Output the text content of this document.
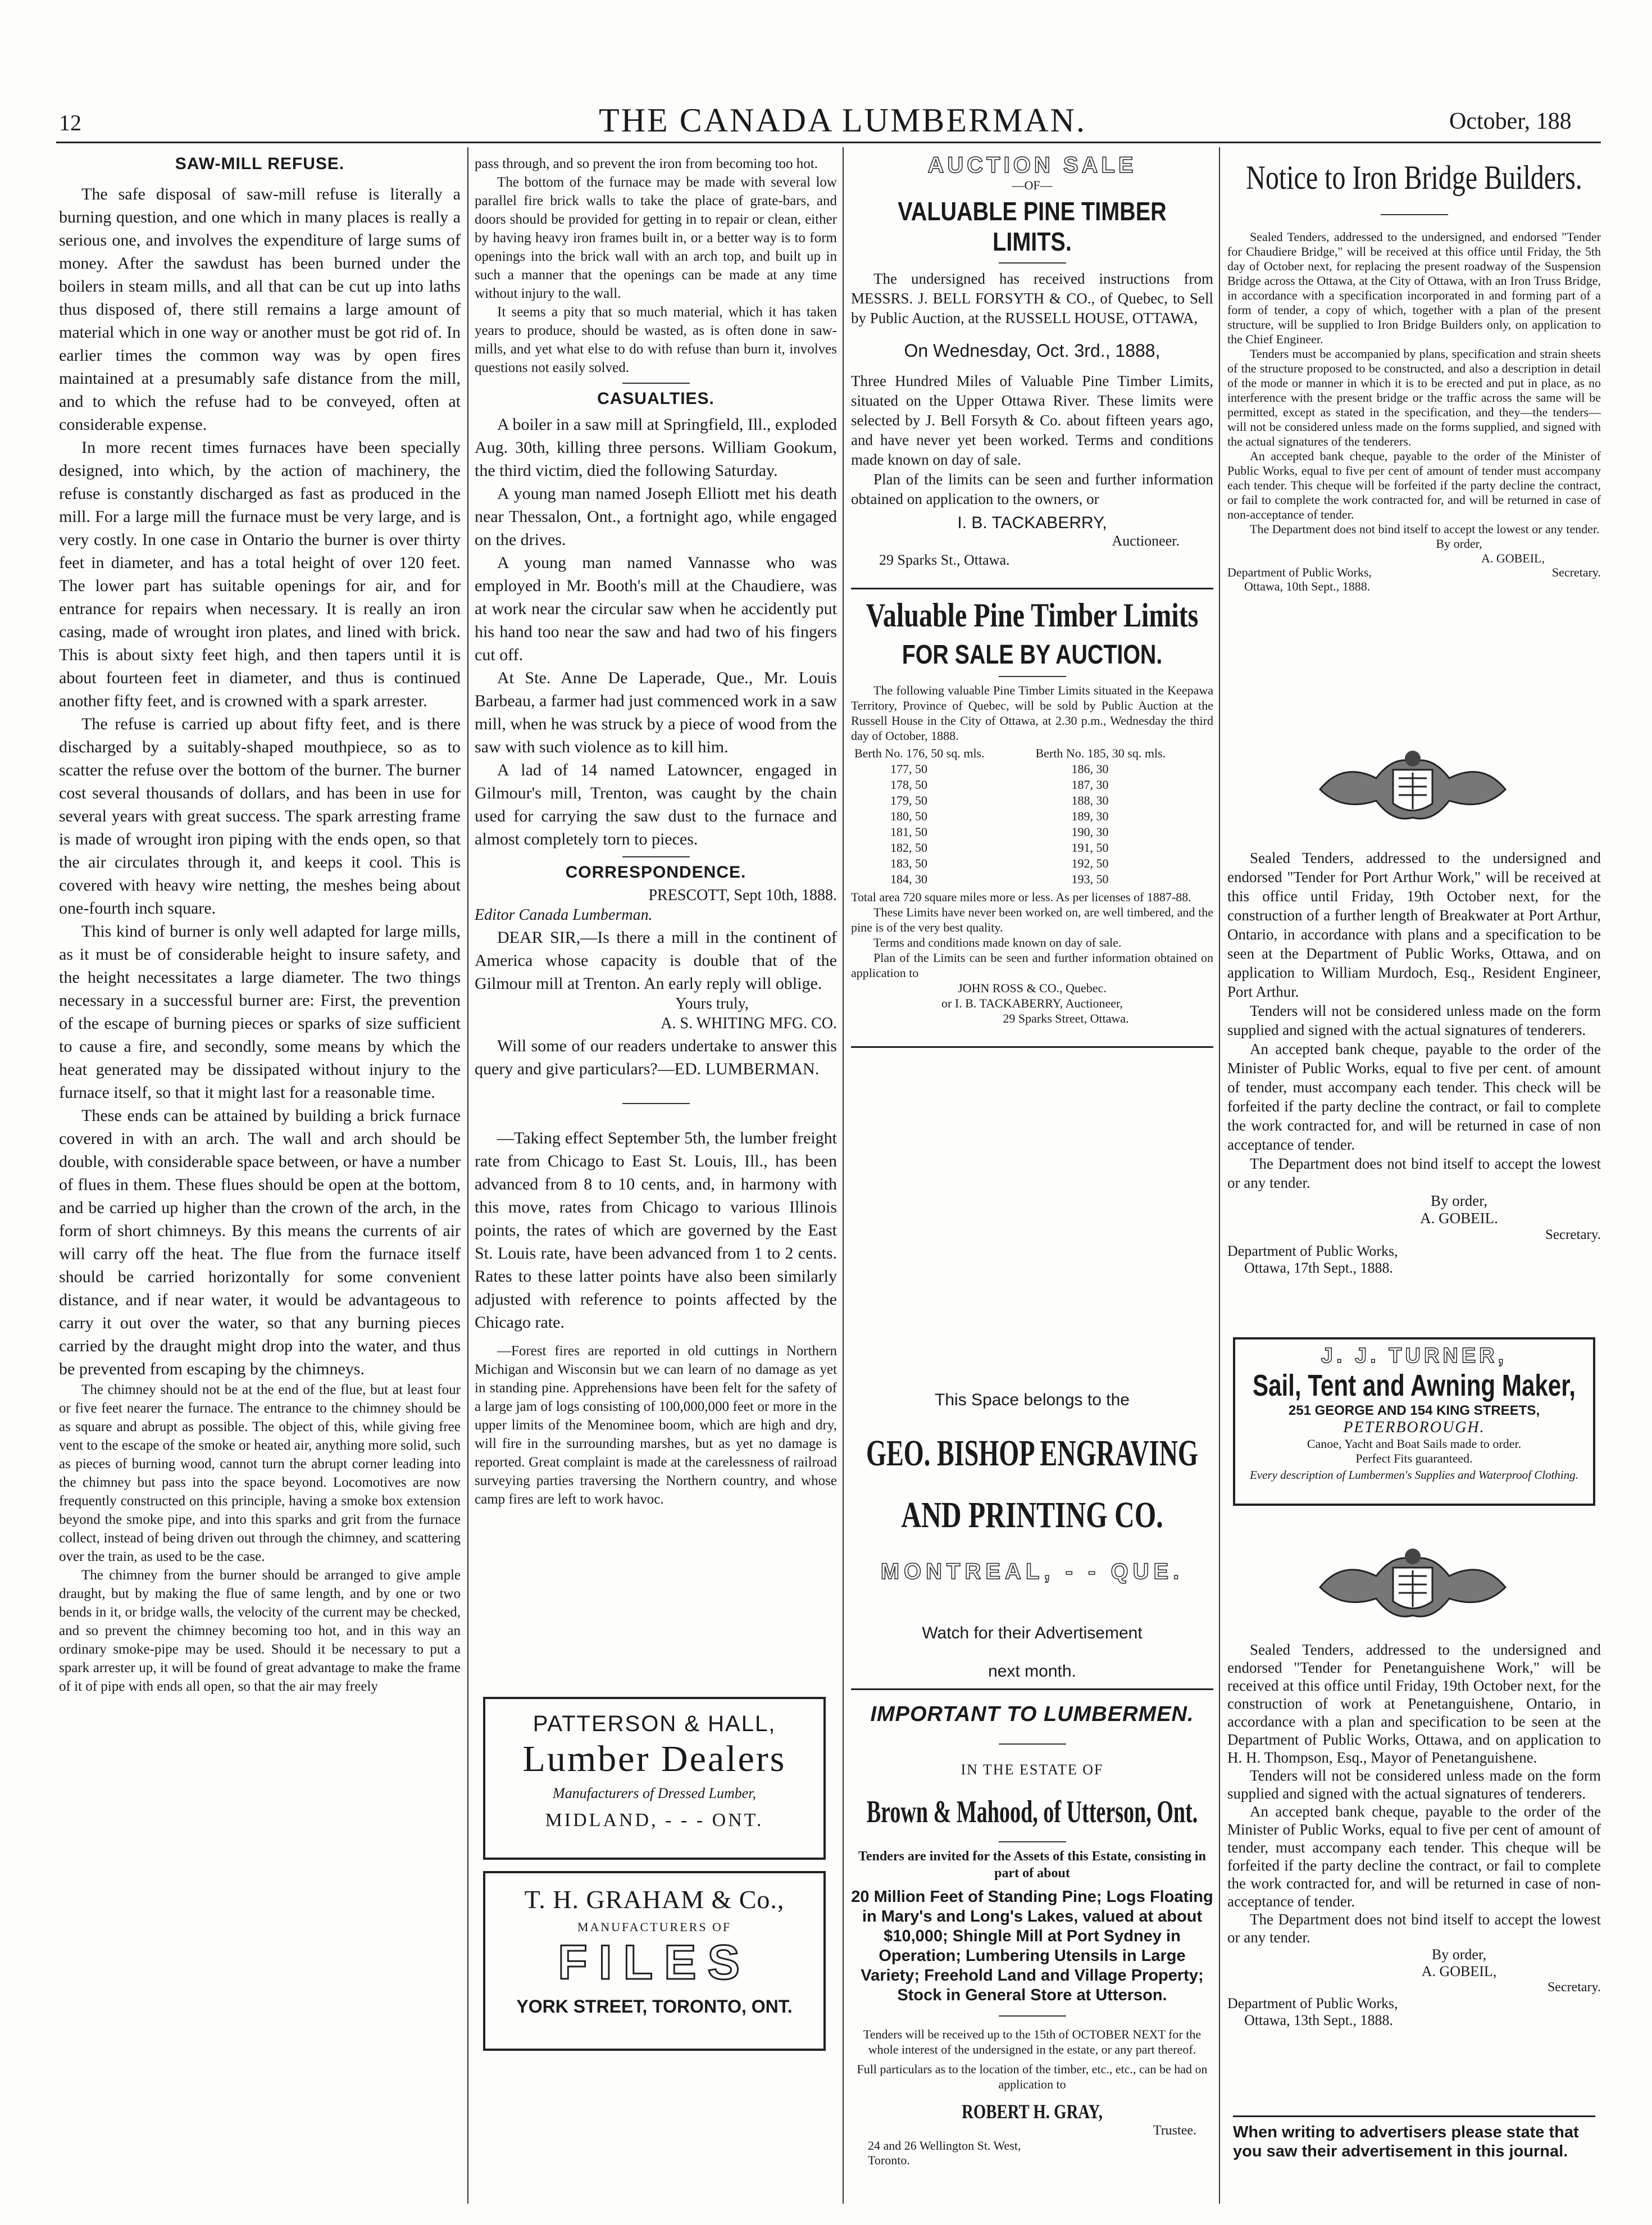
12	THE CANADA LUMBERMAN.	October, 188
SAW-MILL REFUSE.

The safe disposal of saw-mill refuse is literally a burning question, and one which in many places is really a serious one, and involves the expenditure of large sums of money. After the sawdust has been burned under the boilers in steam mills, and all that can be cut up into laths thus disposed of, there still remains a large amount of material which in one way or another must be got rid of. In earlier times the common way was by open fires maintained at a presumably safe distance from the mill, and to which the refuse had to be conveyed, often at considerable expense.

In more recent times furnaces have been specially designed, into which, by the action of machinery, the refuse is constantly discharged as fast as produced in the mill. For a large mill the furnace must be very large, and is very costly. In one case in Ontario the burner is over thirty feet in diameter, and has a total height of over 120 feet. The lower part has suitable openings for air, and for entrance for repairs when necessary. It is really an iron casing, made of wrought iron plates, and lined with brick. This is about sixty feet high, and then tapers until it is about fourteen feet in diameter, and thus is continued another fifty feet, and is crowned with a spark arrester.

The refuse is carried up about fifty feet, and is there discharged by a suitably-shaped mouthpiece, so as to scatter the refuse over the bottom of the burner. The burner cost several thousands of dollars, and has been in use for several years with great success. The spark arresting frame is made of wrought iron piping with the ends open, so that the air circulates through it, and keeps it cool. This is covered with heavy wire netting, the meshes being about one-fourth inch square.

This kind of burner is only well adapted for large mills, as it must be of considerable height to insure safety, and the height necessitates a large diameter. The two things necessary in a successful burner are: First, the prevention of the escape of burning pieces or sparks of size sufficient to cause a fire, and secondly, some means by which the heat generated may be dissipated without injury to the furnace itself, so that it might last for a reasonable time.

These ends can be attained by building a brick furnace covered in with an arch. The wall and arch should be double, with considerable space between, or have a number of flues in them. These flues should be open at the bottom, and be carried up higher than the crown of the arch, in the form of short chimneys. By this means the currents of air will carry off the heat. The flue from the furnace itself should be carried horizontally for some convenient distance, and if near water, it would be advantageous to carry it out over the water, so that any burning pieces carried by the draught might drop into the water, and thus be prevented from escaping by the chimneys.

The chimney should not be at the end of the flue, but at least four or five feet nearer the furnace. The entrance to the chimney should be as square and abrupt as possible. The object of this, while giving free vent to the escape of the smoke or heated air, anything more solid, such as pieces of burning wood, cannot turn the abrupt corner leading into the chimney but pass into the space beyond. Locomotives are now frequently constructed on this principle, having a smoke box extension beyond the smoke pipe, and into this sparks and grit from the furnace collect, instead of being driven out through the chimney, and scattering over the train, as used to be the case.

The chimney from the burner should be arranged to give ample draught, but by making the flue of same length, and by one or two bends in it, or bridge walls, the velocity of the current may be checked, and so prevent the chimney becoming too hot, and in this way an ordinary smoke-pipe may be used. Should it be necessary to put a spark arrester up, it will be found of great advantage to make the frame of it of pipe with ends all open, so that the air may freely

pass through, and so prevent the iron from becoming too hot.

The bottom of the furnace may be made with several low parallel fire brick walls to take the place of grate-bars, and doors should be provided for getting in to repair or clean, either by having heavy iron frames built in, or a better way is to form openings into the brick wall with an arch top, and built up in such a manner that the openings can be made at any time without injury to the wall.

It seems a pity that so much material, which it has taken years to produce, should be wasted, as is often done in saw-mills, and yet what else to do with refuse than burn it, involves questions not easily solved.

CASUALTIES.

A boiler in a saw mill at Springfield, Ill., exploded Aug. 30th, killing three persons. William Gookum, the third victim, died the following Saturday.

A young man named Joseph Elliott met his death near Thessalon, Ont., a fortnight ago, while engaged on the drives.

A young man named Vannasse who was employed in Mr. Booth's mill at the Chaudiere, was at work near the circular saw when he accidently put his hand too near the saw and had two of his fingers cut off.

At Ste. Anne De Laperade, Que., Mr. Louis Barbeau, a farmer had just commenced work in a saw mill, when he was struck by a piece of wood from the saw with such violence as to kill him.

A lad of 14 named Latowncer, engaged in Gilmour's mill, Trenton, was caught by the chain used for carrying the saw dust to the furnace and almost completely torn to pieces.

CORRESPONDENCE.
PRESCOTT, Sept 10th, 1888.
Editor Canada Lumberman.

DEAR SIR,—Is there a mill in the continent of America whose capacity is double that of the Gilmour mill at Trenton. An early reply will oblige.

Yours truly,
A. S. WHITING MFG. CO.

Will some of our readers undertake to answer this query and give particulars?—ED. LUMBERMAN.

—Taking effect September 5th, the lumber freight rate from Chicago to East St. Louis, Ill., has been advanced from 8 to 10 cents, and, in harmony with this move, rates from Chicago to various Illinois points, the rates of which are governed by the East St. Louis rate, have been advanced from 1 to 2 cents. Rates to these latter points have also been similarly adjusted with reference to points affected by the Chicago rate.

—Forest fires are reported in old cuttings in Northern Michigan and Wisconsin but we can learn of no damage as yet in standing pine. Apprehensions have been felt for the safety of a large jam of logs consisting of 100,000,000 feet or more in the upper limits of the Menominee boom, which are high and dry, will fire in the surrounding marshes, but as yet no damage is reported. Great complaint is made at the carelessness of railroad surveying parties traversing the Northern country, and whose camp fires are left to work havoc.

PATTERSON & HALL,
Lumber Dealers
Manufacturers of Dressed Lumber,
MIDLAND, - - - ONT.
T. H. GRAHAM & Co.,
MANUFACTURERS OF
FILES
YORK STREET, TORONTO, ONT.
AUCTION SALE
—OF—
VALUABLE PINE TIMBER LIMITS.

The undersigned has received instructions from MESSRS. J. BELL FORSYTH & CO., of Quebec, to Sell by Public Auction, at the RUSSELL HOUSE, OTTAWA,

On Wednesday, Oct. 3rd., 1888,

Three Hundred Miles of Valuable Pine Timber Limits, situated on the Upper Ottawa River. These limits were selected by J. Bell Forsyth & Co. about fifteen years ago, and have never yet been worked. Terms and conditions made known on day of sale.

Plan of the limits can be seen and further information obtained on application to the owners, or

I. B. TACKABERRY,
Auctioneer.
29 Sparks St., Ottawa.
Valuable Pine Timber Limits
FOR SALE BY AUCTION.

The following valuable Pine Timber Limits situated in the Keepawa Territory, Province of Quebec, will be sold by Public Auction at the Russell House in the City of Ottawa, at 2.30 p.m., Wednesday the third day of October, 1888.

Berth No. 176, 50 sq. mls.	Berth No. 185, 30 sq. mls.
177, 50	186, 30
178, 50	187, 30
179, 50	188, 30
180, 50	189, 30
181, 50	190, 30
182, 50	191, 50
183, 50	192, 50
184, 30	193, 50

Total area 720 square miles more or less. As per licenses of 1887-88.

These Limits have never been worked on, are well timbered, and the pine is of the very best quality.

Terms and conditions made known on day of sale.

Plan of the Limits can be seen and further information obtained on application to

JOHN ROSS & CO., Quebec.
or I. B. TACKABERRY, Auctioneer,
29 Sparks Street, Ottawa.
This Space belongs to the
GEO. BISHOP ENGRAVING
AND PRINTING CO.
MONTREAL, - - QUE.
Watch for their Advertisement
next month.
IMPORTANT TO LUMBERMEN.
IN THE ESTATE OF
Brown & Mahood, of Utterson, Ont.
Tenders are invited for the Assets of this Estate, consisting in part of about
20 Million Feet of Standing Pine; Logs Floating in Mary's and Long's Lakes, valued at about $10,000; Shingle Mill at Port Sydney in Operation; Lumbering Utensils in Large Variety; Freehold Land and Village Property; Stock in General Store at Utterson.
Tenders will be received up to the 15th of OCTOBER NEXT for the whole interest of the undersigned in the estate, or any part thereof.
Full particulars as to the location of the timber, etc., etc., can be had on application to
ROBERT H. GRAY,
Trustee.
24 and 26 Wellington St. West, Toronto.
Notice to Iron Bridge Builders.

Sealed Tenders, addressed to the undersigned, and endorsed "Tender for Chaudiere Bridge," will be received at this office until Friday, the 5th day of October next, for replacing the present roadway of the Suspension Bridge across the Ottawa, at the City of Ottawa, with an Iron Truss Bridge, in accordance with a specification incorporated in and forming part of a form of tender, a copy of which, together with a plan of the present structure, will be supplied to Iron Bridge Builders only, on application to the Chief Engineer.

Tenders must be accompanied by plans, specification and strain sheets of the structure proposed to be constructed, and also a description in detail of the mode or manner in which it is to be erected and put in place, as no interference with the present bridge or the traffic across the same will be permitted, except as stated in the specification, and they—the tenders—will not be considered unless made on the forms supplied, and signed with the actual signatures of the tenderers.

An accepted bank cheque, payable to the order of the Minister of Public Works, equal to five per cent of amount of tender must accompany each tender. This cheque will be forfeited if the party decline the contract, or fail to complete the work contracted for, and will be returned in case of non-acceptance of tender.

The Department does not bind itself to accept the lowest or any tender.

By order,
A. GOBEIL,
Department of Public Works,	Secretary.
Ottawa, 10th Sept., 1888.

Sealed Tenders, addressed to the undersigned and endorsed "Tender for Port Arthur Work," will be received at this office until Friday, 19th October next, for the construction of a further length of Breakwater at Port Arthur, Ontario, in accordance with plans and a specification to be seen at the Department of Public Works, Ottawa, and on application to William Murdoch, Esq., Resident Engineer, Port Arthur.

Tenders will not be considered unless made on the form supplied and signed with the actual signatures of tenderers.

An accepted bank cheque, payable to the order of the Minister of Public Works, equal to five per cent. of amount of tender, must accompany each tender. This check will be forfeited if the party decline the contract, or fail to complete the work contracted for, and will be returned in case of non acceptance of tender.

The Department does not bind itself to accept the lowest or any tender.

By order,
A. GOBEIL.
Secretary.
Department of Public Works,
Ottawa, 17th Sept., 1888.
J. J. TURNER,
Sail, Tent and Awning Maker,
251 GEORGE AND 154 KING STREETS,
PETERBOROUGH.
Canoe, Yacht and Boat Sails made to order.
Perfect Fits guaranteed.
Every description of Lumbermen's Supplies and Waterproof Clothing.

Sealed Tenders, addressed to the undersigned and endorsed "Tender for Penetanguishene Work," will be received at this office until Friday, 19th October next, for the construction of work at Penetanguishene, Ontario, in accordance with a plan and specification to be seen at the Department of Public Works, Ottawa, and on application to H. H. Thompson, Esq., Mayor of Penetanguishene.

Tenders will not be considered unless made on the form supplied and signed with the actual signatures of tenderers.

An accepted bank cheque, payable to the order of the Minister of Public Works, equal to five per cent of amount of tender, must accompany each tender. This cheque will be forfeited if the party decline the contract, or fail to complete the work contracted for, and will be returned in case of non-acceptance of tender.

The Department does not bind itself to accept the lowest or any tender.

By order,
A. GOBEIL,
Secretary.
Department of Public Works,
Ottawa, 13th Sept., 1888.
When writing to advertisers please state that you saw their advertisement in this journal.
